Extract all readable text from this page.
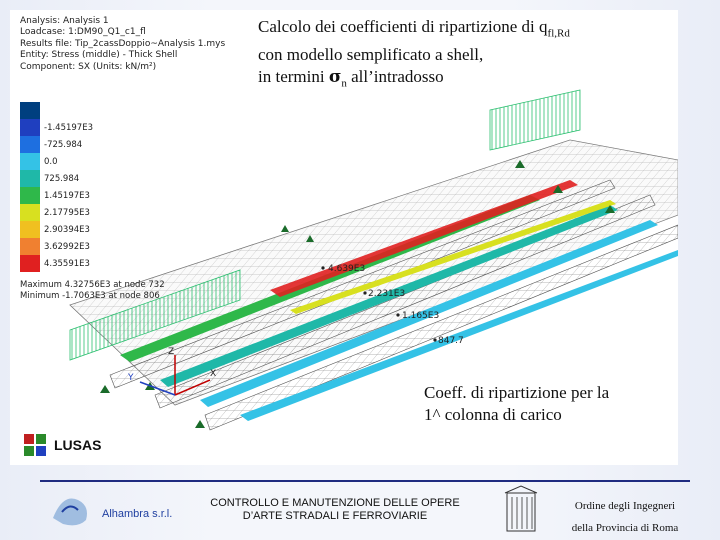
Z
X
Y
4.639E3
2.231E3
1.165E3
847.7
Analysis: Analysis 1
Loadcase: 1:DM90_Q1_c1_fl
Results file: Tip_2cassDoppio~Analysis 1.mys
Entity: Stress (middle) - Thick Shell
Component: SX (Units: kN/m²)
-1.45197E3
-725.984
0.0
725.984
1.45197E3
2.17795E3
2.90394E3
3.62992E3
4.35591E3
Maximum 4.32756E3 at node 732
Minimum -1.7063E3 at node 806
Calcolo dei coefficienti di ripartizione di $q_{fl,Rd}$
con modello semplificato a shell,
in termini $\sigma_n$ all’intradosso
Coeff. di ripartizione per la
1^ colonna di carico
LUSAS
Alhambra s.r.l.
CONTROLLO E MANUTENZIONE DELLE OPERE
D’ARTE STRADALI E FERROVIARIE
Ordine degli Ingegneri
della Provincia di Roma
